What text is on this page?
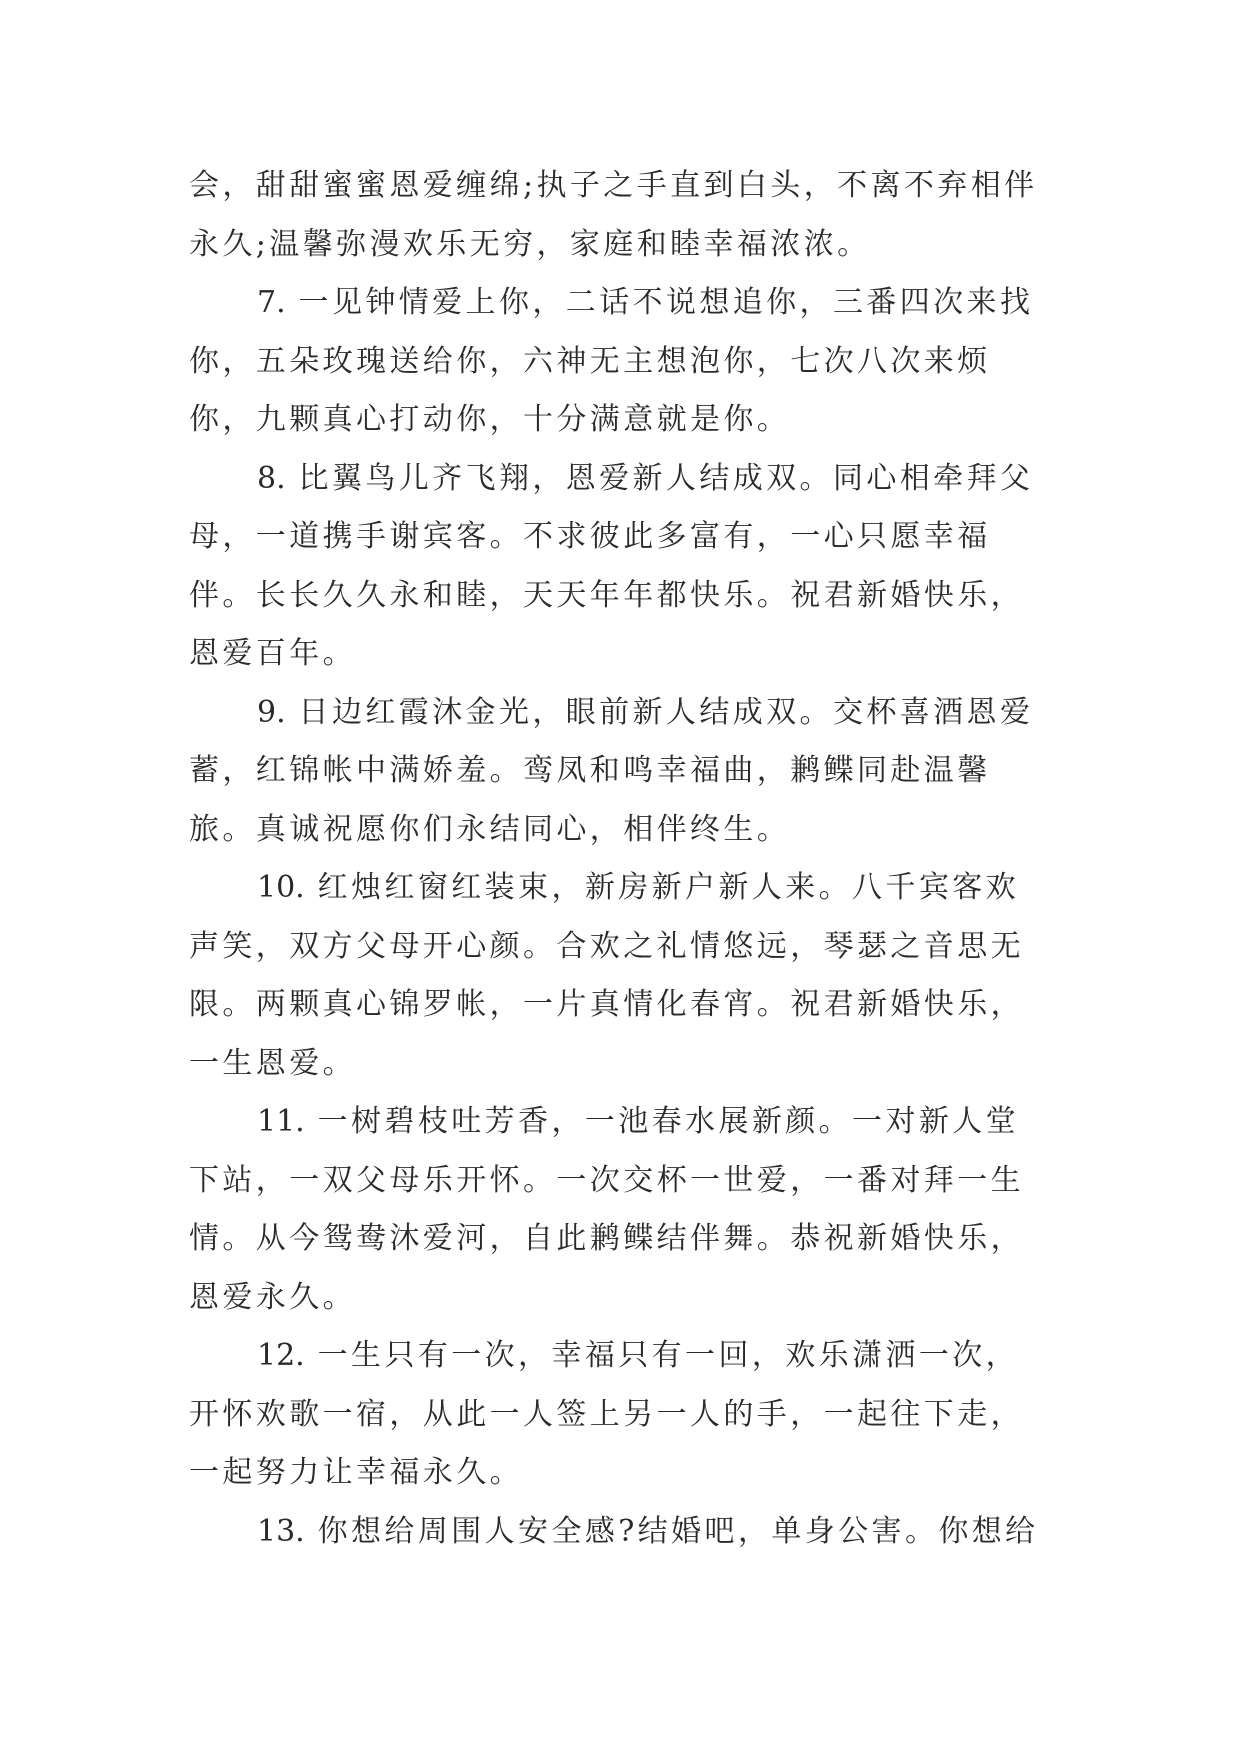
会，甜甜蜜蜜恩爱缠绵;执子之手直到白头，不离不弃相伴永久;温馨弥漫欢乐无穷，家庭和睦幸福浓浓。

7. 一见钟情爱上你，二话不说想追你，三番四次来找你，五朵玫瑰送给你，六神无主想泡你，七次八次来烦你，九颗真心打动你，十分满意就是你。

8. 比翼鸟儿齐飞翔，恩爱新人结成双。同心相牵拜父母，一道携手谢宾客。不求彼此多富有，一心只愿幸福伴。长长久久永和睦，天天年年都快乐。祝君新婚快乐，恩爱百年。

9. 日边红霞沐金光，眼前新人结成双。交杯喜酒恩爱蓄，红锦帐中满娇羞。鸾凤和鸣幸福曲，鹣鲽同赴温馨旅。真诚祝愿你们永结同心，相伴终生。

10. 红烛红窗红装束，新房新户新人来。八千宾客欢声笑，双方父母开心颜。合欢之礼情悠远，琴瑟之音思无限。两颗真心锦罗帐，一片真情化春宵。祝君新婚快乐，一生恩爱。

11. 一树碧枝吐芳香，一池春水展新颜。一对新人堂下站，一双父母乐开怀。一次交杯一世爱，一番对拜一生情。从今鸳鸯沐爱河，自此鹣鲽结伴舞。恭祝新婚快乐，恩爱永久。

12. 一生只有一次，幸福只有一回，欢乐潇洒一次，开怀欢歌一宿，从此一人签上另一人的手，一起往下走，一起努力让幸福永久。

13. 你想给周围人安全感?结婚吧，单身公害。你想给
